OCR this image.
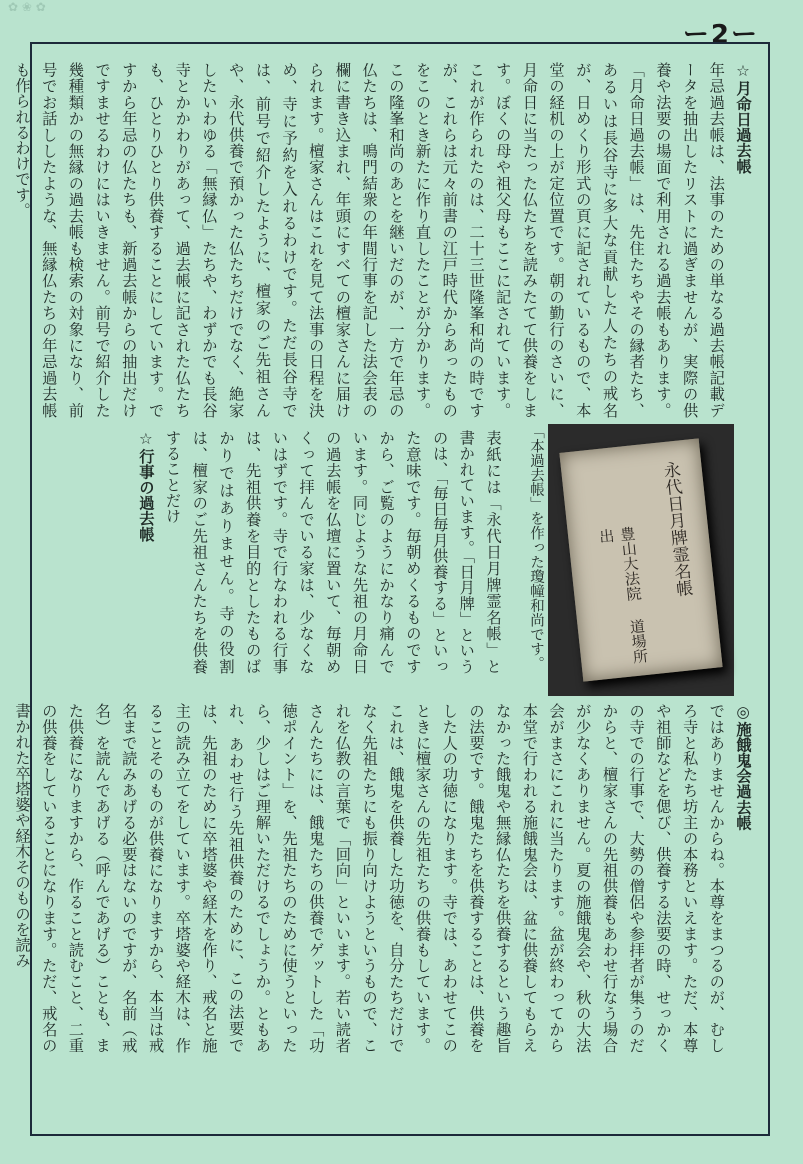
✿ ❀ ✿
ー2ー

☆月命日過去帳

年忌過去帳は、法事のための単なる過去帳記載データを抽出したリストに過ぎませんが、実際の供養や法要の場面で利用される過去帳もあります。「月命日過去帳」は、先住たちやその縁者たち、あるいは長谷寺に多大な貢献した人たちの戒名が、日めくり形式の頁に記されているもので、本堂の経机の上が定位置です。朝の勤行のさいに、月命日に当たった仏たちを読みたてて供養をします。ぼくの母や祖父母もここに記されています。これが作られたのは、二十三世隆峯和尚の時ですが、これらは元々前書の江戸時代からあったものをこのとき新たに作り直したことが分かります。この隆峯和尚のあとを継いだのが、一方で年忌の仏たちは、鳴門結衆の年間行事を記した法会表の欄に書き込まれ、年頭にすべての檀家さんに届けられます。檀家さんはこれを見て法事の日程を決め、寺に予約を入れるわけです。ただ長谷寺では、前号で紹介したように、檀家のご先祖さんや、永代供養で預かった仏たちだけでなく、絶家したいわゆる「無縁仏」たちや、わずかでも長谷寺とかかわりがあって、過去帳に記された仏たちも、ひとりひとり供養することにしています。ですから年忌の仏たちも、新過去帳からの抽出だけですませるわけにはいきません。前号で紹介した幾種類かの無縁の過去帳も検索の対象になり、前号でお話ししたような、無縁仏たちの年忌過去帳も作られるわけです。

「本過去帳」を作った瓊幢和尚です。	永代日月牌霊名帳
豊山大法院 道場所出

表紙には「永代日月牌霊名帳」と書かれています。「日月牌」というのは、「毎日毎月供養する」といった意味です。毎朝めくるものですから、ご覧のようにかなり痛んでいます。同じような先祖の月命日の過去帳を仏壇に置いて、毎朝めくって拝んでいる家は、少なくないはずです。寺で行なわれる行事は、先祖供養を目的としたものばかりではありません。寺の役割は、檀家のご先祖さんたちを供養することだけ

☆行事の過去帳

◎施餓鬼会過去帳

ではありませんからね。本尊をまつるのが、むしろ寺と私たち坊主の本務といえます。ただ、本尊や祖師などを偲び、供養する法要の時、せっかくの寺での行事で、大勢の僧侶や参拝者が集うのだからと、檀家さんの先祖供養もあわせ行なう場合が少なくありません。夏の施餓鬼会や、秋の大法会がまさにこれに当たります。盆が終わってから本堂で行われる施餓鬼会は、盆に供養してもらえなかった餓鬼や無縁仏たちを供養するという趣旨の法要です。餓鬼たちを供養することは、供養をした人の功徳になります。寺では、あわせてこのときに檀家さんの先祖たちの供養もしています。これは、餓鬼を供養した功徳を、自分たちだけでなく先祖たちにも振り向けようというもので、これを仏教の言葉で「回向」といいます。若い読者さんたちには、餓鬼たちの供養でゲットした「功徳ポイント」を、先祖たちのために使うといったら、少しはご理解いただけるでしょうか。ともあれ、あわせ行う先祖供養のために、この法要では、先祖のために卒塔婆や経木を作り、戒名と施主の読み立てをしています。卒塔婆や経木は、作ることそのものが供養になりますから、本当は戒名まで読みあげる必要はないのですが、名前（戒名）を読んであげる（呼んであげる）ことも、また供養になりますから、作ること読むこと、二重の供養をしていることになります。ただ、戒名の書かれた卒塔婆や経木そのものを読み
